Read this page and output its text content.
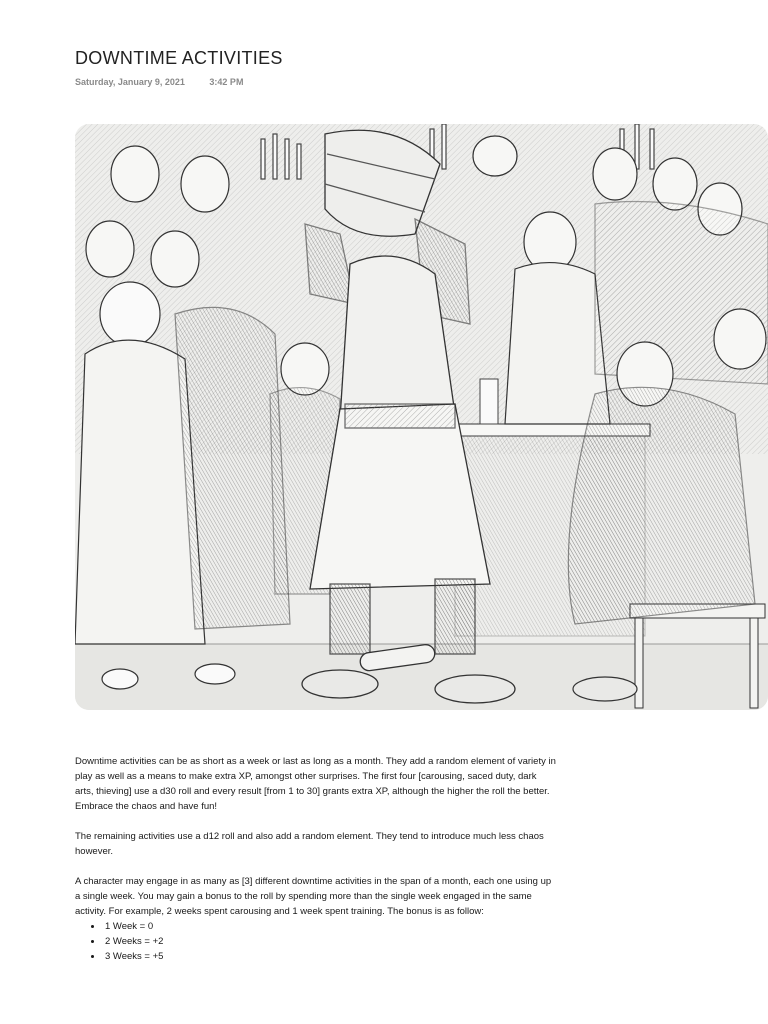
DOWNTIME ACTIVITIES
Saturday, January 9, 2021	3:42 PM

Downtime activities can be as short as a week or last as long as a month. They add a random element of variety in play as well as a means to make extra XP, amongst other surprises. The first four [carousing, saced duty, dark arts, thieving] use a d30 roll and every result [from 1 to 30] grants extra XP, although the higher the roll the better. Embrace the chaos and have fun!

The remaining activities use a d12 roll and also add a random element. They tend to introduce much less chaos however.

A character may engage in as many as [3] different downtime activities in the span of a month, each one using up a single week. You may gain a bonus to the roll by spending more than the single week engaged in the same activity. For example, 2 weeks spent carousing and 1 week spent training. The bonus is as follow:

• 1 Week = 0
• 2 Weeks = +2
• 3 Weeks = +5
